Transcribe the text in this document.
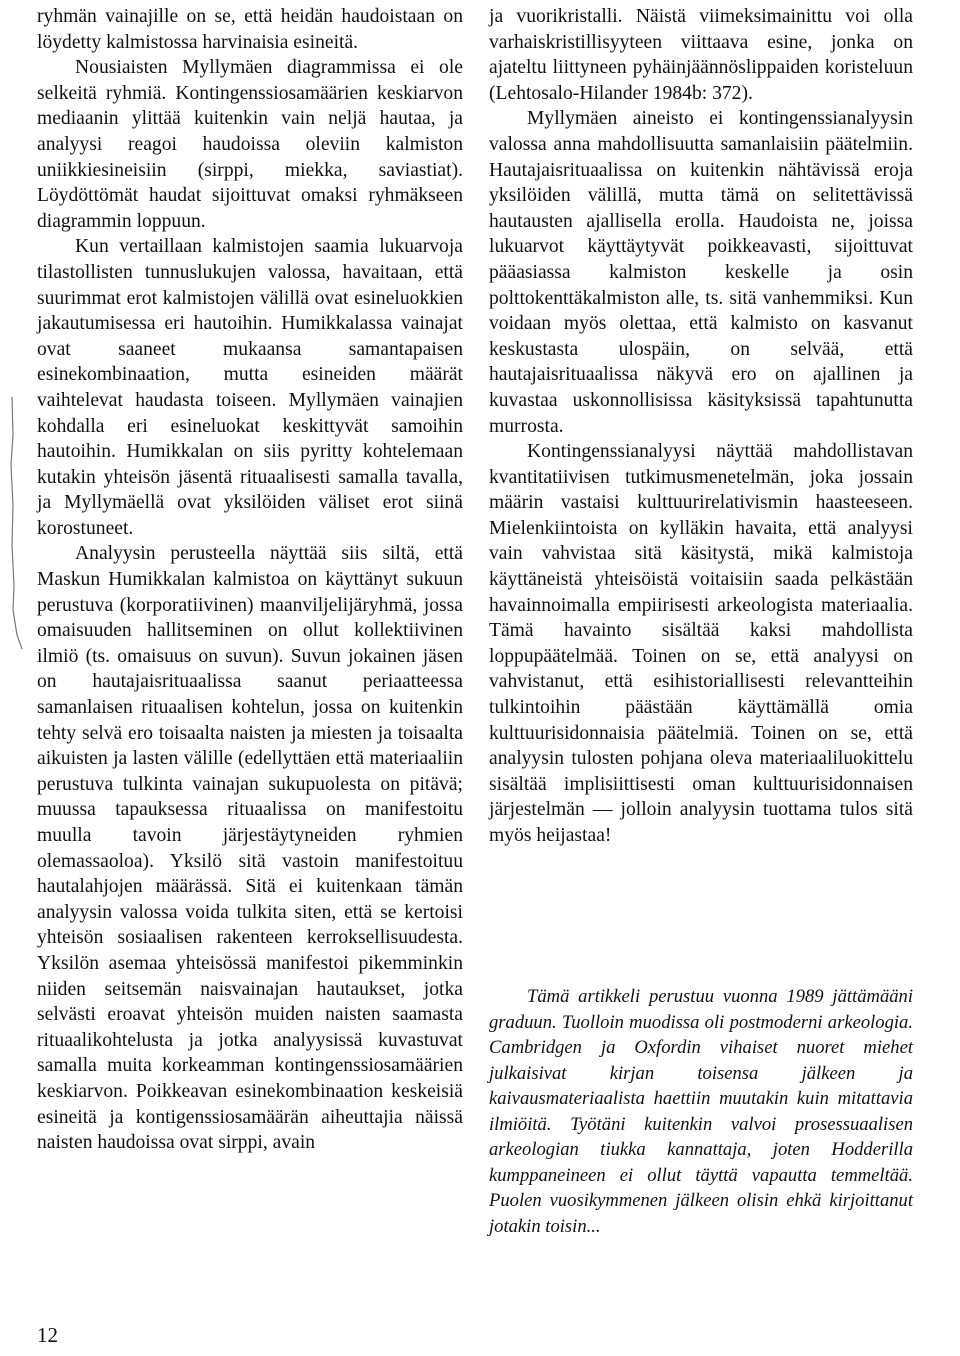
ryhmän vainajille on se, että heidän haudoistaan on löydetty kalmistossa harvinaisia esineitä.

Nousiaisten Myllymäen diagrammissa ei ole selkeitä ryhmiä. Kontingenssiosamäärien keskiarvon mediaanin ylittää kuitenkin vain neljä hautaa, ja analyysi reagoi haudoissa oleviin kalmiston uniikkiesineisiin (sirppi, miekka, saviastiat). Löydöttömät haudat sijoittuvat omaksi ryhmäkseen diagrammin loppuun.

Kun vertaillaan kalmistojen saamia lukuarvoja tilastollisten tunnuslukujen valossa, havaitaan, että suurimmat erot kalmistojen välillä ovat esineluokkien jakautumisessa eri hautoihin. Humikkalassa vainajat ovat saaneet mukaansa samantapaisen esinekombinaation, mutta esineiden määrät vaihtelevat haudasta toiseen. Myllymäen vainajien kohdalla eri esineluokat keskittyvät samoihin hautoihin. Humikkalan on siis pyritty kohtelemaan kutakin yhteisön jäsentä rituaalisesti samalla tavalla, ja Myllymäellä ovat yksilöiden väliset erot siinä korostuneet.

Analyysin perusteella näyttää siis siltä, että Maskun Humikkalan kalmistoa on käyttänyt sukuun perustuva (korporatiivinen) maanviljelijäryhmä, jossa omaisuuden hallitseminen on ollut kollektiivinen ilmiö (ts. omaisuus on suvun). Suvun jokainen jäsen on hautajaisrituaalissa saanut periaatteessa samanlaisen rituaalisen kohtelun, jossa on kuitenkin tehty selvä ero toisaalta naisten ja miesten ja toisaalta aikuisten ja lasten välille (edellyttäen että materiaaliin perustuva tulkinta vainajan sukupuolesta on pitävä; muussa tapauksessa rituaalissa on manifestoitu muulla tavoin järjestäytyneiden ryhmien olemassaoloa). Yksilö sitä vastoin manifestoituu hautalahjojen määrässä. Sitä ei kuitenkaan tämän analyysin valossa voida tulkita siten, että se kertoisi yhteisön sosiaalisen rakenteen kerroksellisuudesta. Yksilön asemaa yhteisössä manifestoi pikemminkin niiden seitsemän naisvainajan hautaukset, jotka selvästi eroavat yhteisön muiden naisten saamasta rituaalikohtelusta ja jotka analyysissä kuvastuvat samalla muita korkeamman kontingenssiosamäärien keskiarvon. Poikkeavan esinekombinaation keskeisiä esineitä ja kontigenssiosamäärän aiheuttajia näissä naisten haudoissa ovat sirppi, avain

ja vuorikristalli. Näistä viimeksimainittu voi olla varhaiskristillisyyteen viittaava esine, jonka on ajateltu liittyneen pyhäinjäännöslippaiden koristeluun (Lehtosalo-Hilander 1984b: 372).

Myllymäen aineisto ei kontingenssianalyysin valossa anna mahdollisuutta samanlaisiin päätelmiin. Hautajaisrituaalissa on kuitenkin nähtävissä eroja yksilöiden välillä, mutta tämä on selitettävissä hautausten ajallisella erolla. Haudoista ne, joissa lukuarvot käyttäytyvät poikkeavasti, sijoittuvat pääasiassa kalmiston keskelle ja osin polttokenttäkalmiston alle, ts. sitä vanhemmiksi. Kun voidaan myös olettaa, että kalmisto on kasvanut keskustasta ulospäin, on selvää, että hautajaisrituaalissa näkyvä ero on ajallinen ja kuvastaa uskonnollisissa käsityksissä tapahtunutta murrosta.

Kontingenssianalyysi näyttää mahdollistavan kvantitatiivisen tutkimusmenetelmän, joka jossain määrin vastaisi kulttuurirelativismin haasteeseen. Mielenkiintoista on kylläkin havaita, että analyysi vain vahvistaa sitä käsitystä, mikä kalmistoja käyttäneistä yhteisöistä voitaisiin saada pelkästään havainnoimalla empiirisesti arkeologista materiaalia. Tämä havainto sisältää kaksi mahdollista loppupäätelmää. Toinen on se, että analyysi on vahvistanut, että esihistoriallisesti relevantteihin tulkintoihin päästään käyttämällä omia kulttuurisidonnaisia päätelmiä. Toinen on se, että analyysin tulosten pohjana oleva materiaaliluokittelu sisältää implisiittisesti oman kulttuurisidonnaisen järjestelmän — jolloin analyysin tuottama tulos sitä myös heijastaa!

Tämä artikkeli perustuu vuonna 1989 jättämääni graduun. Tuolloin muodissa oli postmoderni arkeologia. Cambridgen ja Oxfordin vihaiset nuoret miehet julkaisivat kirjan toisensa jälkeen ja kaivausmateriaalista haettiin muutakin kuin mitattavia ilmiöitä. Työtäni kuitenkin valvoi prosessuaalisen arkeologian tiukka kannattaja, joten Hodderilla kumppaneineen ei ollut täyttä vapautta temmeltää. Puolen vuosikymmenen jälkeen olisin ehkä kirjoittanut jotakin toisin...

12
